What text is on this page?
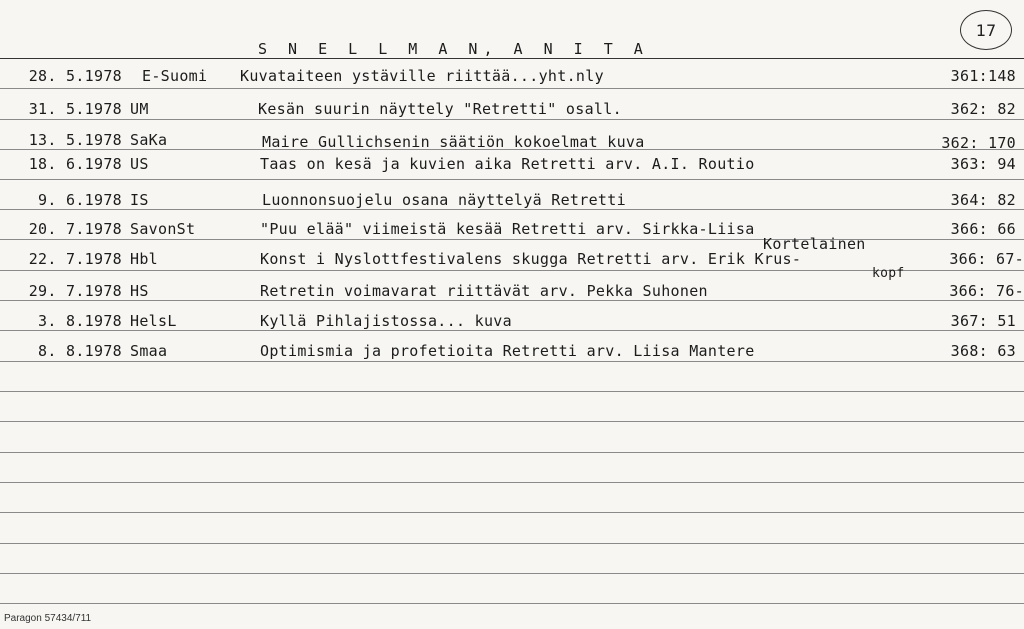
17
S N E L L M A N, A N I T A
28. 5.1978 E-Suomi Kuvataiteen ystäville riittää...yht.nly	361:148
31. 5.1978 UM	Kesän suurin näyttely "Retretti" osall.	362: 82
13. 5.1978 SaKa	Maire Gullichsenin säätiön kokoelmat kuva	362: 170
18. 6.1978 US	Taas on kesä ja kuvien aika Retretti arv. A.I. Routio	363: 94
9. 6.1978 IS	Luonnonsuojelu osana näyttelyä Retretti	364: 82
20. 7.1978 SavonSt	"Puu elää" viimeistä kesää Retretti arv. Sirkka-Liisa	366: 66
Kortelainen
22. 7.1978 Hbl	Konst i Nyslottfestivalens skugga Retretti arv. Erik Krus-	366: 67-
kopf
29. 7.1978 HS	Retretin voimavarat riittävät arv. Pekka Suhonen	366: 76-
3. 8.1978 HelsL	Kyllä Pihlajistossa... kuva	367: 51
8. 8.1978 Smaa	Optimismia ja profetioita Retretti arv. Liisa Mantere	368: 63
Paragon 57434/711
